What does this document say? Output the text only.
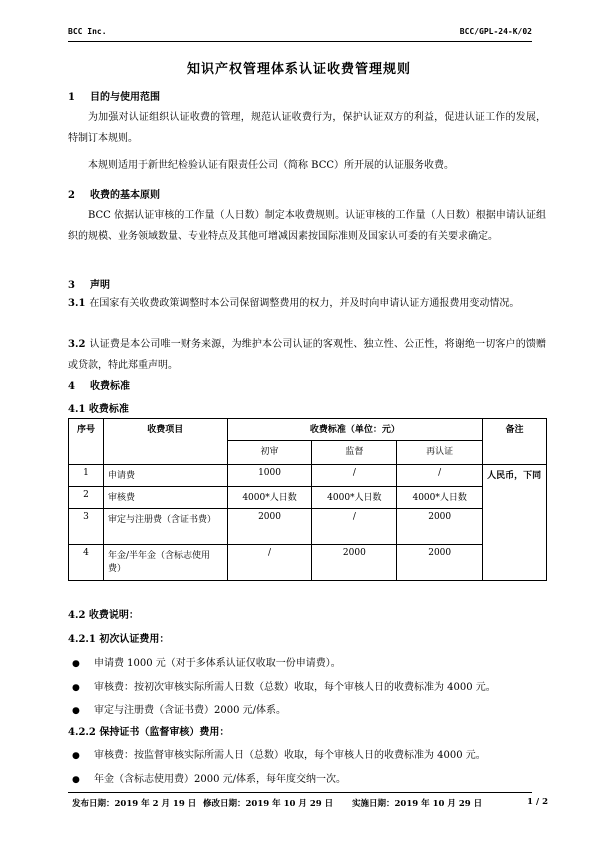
BCC Inc.	BCC/GPL-24-K/02
知识产权管理体系认证收费管理规则
1 目的与使用范围
为加强对认证组织认证收费的管理，规范认证收费行为，保护认证双方的利益，促进认证工作的发展，特制订本规则。
本规则适用于新世纪检验认证有限责任公司（简称 BCC）所开展的认证服务收费。
2 收费的基本原则
BCC 依据认证审核的工作量（人日数）制定本收费规则。认证审核的工作量（人日数）根据申请认证组织的规模、业务领域数量、专业特点及其他可增减因素按国际准则及国家认可委的有关要求确定。
3 声明
3.1 在国家有关收费政策调整时本公司保留调整费用的权力，并及时向申请认证方通报费用变动情况。
3.2 认证费是本公司唯一财务来源，为维护本公司认证的客观性、独立性、公正性，将谢绝一切客户的馈赠或贷款，特此郑重声明。
4 收费标准
4.1 收费标准
序号	收费项目	收费标准（单位：元）			备注
		初审	监督	再认证	
1	申请费	1000	/	/	人民币，下同
2	审核费	4000*人日数	4000*人日数	4000*人日数	
3	审定与注册费（含证书费）	2000	/	2000	
4	年金/半年金（含标志使用费）	/	2000	2000	
4.2 收费说明：
4.2.1 初次认证费用：
● 申请费 1000 元（对于多体系认证仅收取一份申请费）。
● 审核费：按初次审核实际所需人日数（总数）收取，每个审核人日的收费标准为 4000 元。
● 审定与注册费（含证书费）2000 元/体系。
4.2.2 保持证书（监督审核）费用：
● 审核费：按监督审核实际所需人日（总数）收取，每个审核人日的收费标准为 4000 元。
● 年金（含标志使用费）2000 元/体系，每年度交纳一次。
发布日期：2019 年 2 月 19 日 修改日期：2019 年 10 月 29 日 实施日期：2019 年 10 月 29 日	1 / 2
